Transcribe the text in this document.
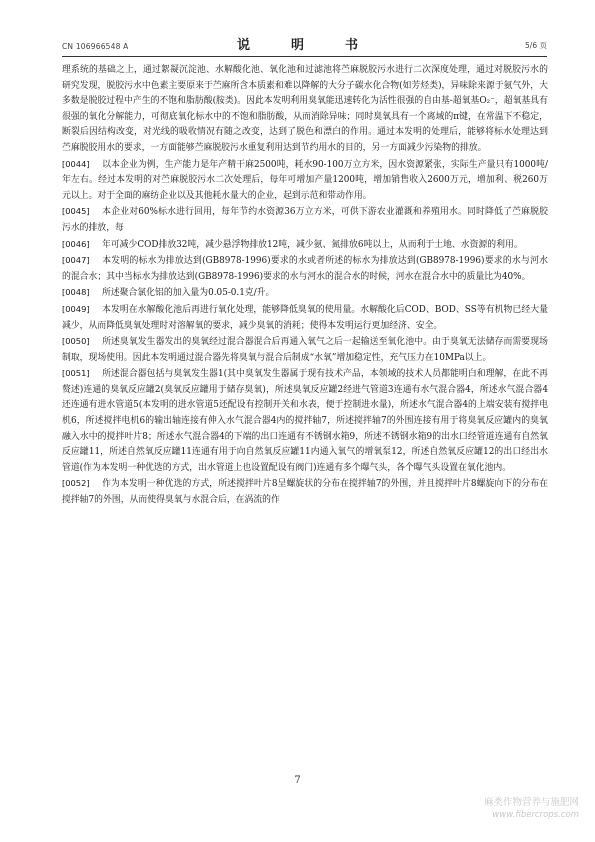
CN 106966548 A	说　明　书	5/6 页

理系统的基础之上，通过絮凝沉淀池、水解酸化池、氧化池和过滤池将苎麻脱胶污水进行二次深度处理，通过对脱胶污水的研究发现，脱胶污水中色素主要原来于苎麻所含本质素和难以降解的大分子碳水化合物(如芳烃类)，异味除来源于氨气外，大多数是脱胶过程中产生的不饱和脂肪酸(胺类)。因此本发明利用臭氧能迅速转化为活性很强的自由基-超氧基O₂⁻，超氧基具有很强的氧化分解能力，可彻底氧化标水中的不饱和脂肪酸，从而消除异味；同时臭氧具有一个离域的π键，在常温下不稳定，断裂后因结构改变，对光线的吸收情况有随之改变，达到了脱色和漂白的作用。通过本发明的处理后，能够将标水处理达到苎麻脱胶用水的要求，一方面能够苎麻脱胶污水重复利用达到节约用水的目的，另一方面减少污染物的排放。

[0044] 以本企业为例，生产能力是年产精干麻2500吨，耗水90-100万立方米，因水资源紧张，实际生产量只有1000吨/年左右。经过本发明的对苎麻脱胶污水二次处理后，每年可增加产量1200吨，增加销售收入2600万元，增加利、税260万元以上。对于全面的麻纺企业以及其他耗水量大的企业，起到示范和带动作用。

[0045] 本企业对60%标水进行回用，每年节约水资源36万立方米，可供下游农业灌溉和养殖用水。同时降低了苎麻脱胶污水的排放，每

[0046] 年可减少COD排放32吨，减少悬浮物排放12吨，减少氨、氮排放6吨以上，从而利于土地、水资源的利用。

[0047] 本发明的标水为排放达到(GB8978-1996)要求的水或者所述的标水为排放达到(GB8978-1996)要求的水与河水的混合水；其中当标水为排放达到(GB8978-1996)要求的水与河水的混合水的时候，河水在混合水中的质量比为40%。

[0048] 所述聚合氯化铝的加入量为0.05-0.1克/升。

[0049] 本发明在水解酸化池后再进行氧化处理，能够降低臭氧的使用量。水解酸化后COD、BOD、SS等有机物已经大量减少，从而降低臭氧处理时对溶解氧的要求，减少臭氧的消耗；使得本发明运行更加经济、安全。

[0050] 所述臭氧发生器发出的臭氧经过混合器混合后再通入氧气之后一起输送至氧化池中。由于臭氧无法储存而需要现场制取，现场使用。因此本发明通过混合器先将臭氧与混合后制成“水氧”增加稳定性，充气压力在10MPa以上。

[0051] 所述混合器包括与臭氧发生器1(其中臭氧发生器属于现有技术产品，本领域的技术人员都能明白和理解，在此不再赘述)连通的臭氧反应罐2(臭氧反应罐用于储存臭氧)，所述臭氧反应罐2经进气管道3连通有水气混合器4，所述水气混合器4还连通有进水管道5(本发明的进水管道5还配设有控制开关和水表，便于控制进水量)，所述水气混合器4的上端安装有搅拌电机6，所述搅拌电机6的输出轴连接有伸入水气混合器4内的搅拌轴7，所述搅拌轴7的外围连接有用于将臭氧反应罐内的臭氧融入水中的搅拌叶片8；所述水气混合器4的下端的出口连通有不锈钢水箱9，所述不锈钢水箱9的出水口经管道连通有自然氧反应罐11，所述自然氧反应罐11连通有用于向自然氧反应罐11内通入氧气的增氧泵12，所述自然氧反应罐12的出口经出水管道(作为本发明一种优选的方式，出水管道上也设置配设有阀门)连通有多个曝气头，各个曝气头设置在氧化池内。

[0052] 作为本发明一种优选的方式，所述搅拌叶片8呈螺旋状的分布在搅拌轴7的外围，并且搅拌叶片8螺旋向下的分布在搅拌轴7的外围，从而使得臭氧与水混合后，在涡流的作

7
麻类作物营养与施肥网
www.fibercrops.com
